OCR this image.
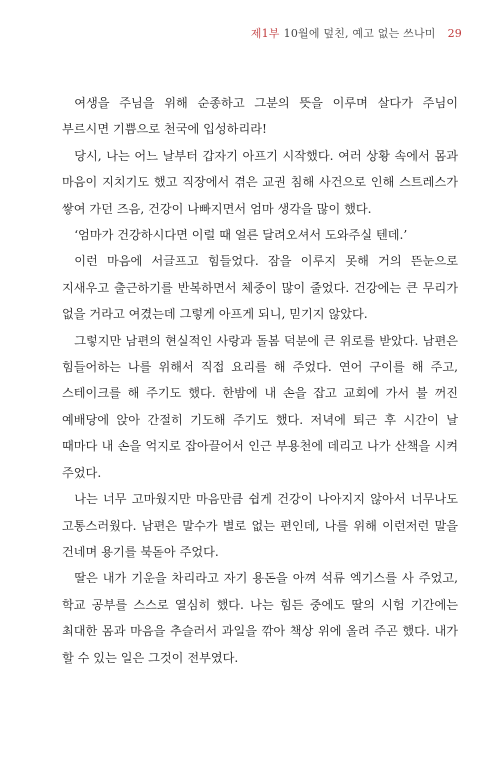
제1부 10월에 덮친, 예고 없는 쓰나미 29

여생을 주님을 위해 순종하고 그분의 뜻을 이루며 살다가 주님이 부르시면 기쁨으로 천국에 입성하리라!

당시, 나는 어느 날부터 갑자기 아프기 시작했다. 여러 상황 속에서 몸과 마음이 지치기도 했고 직장에서 겪은 교권 침해 사건으로 인해 스트레스가 쌓여 가던 즈음, 건강이 나빠지면서 엄마 생각을 많이 했다.

‘엄마가 건강하시다면 이럴 때 얼른 달려오셔서 도와주실 텐데.’

이런 마음에 서글프고 힘들었다. 잠을 이루지 못해 거의 뜬눈으로 지새우고 출근하기를 반복하면서 체중이 많이 줄었다. 건강에는 큰 무리가 없을 거라고 여겼는데 그렇게 아프게 되니, 믿기지 않았다.

그렇지만 남편의 현실적인 사랑과 돌봄 덕분에 큰 위로를 받았다. 남편은 힘들어하는 나를 위해서 직접 요리를 해 주었다. 연어 구이를 해 주고, 스테이크를 해 주기도 했다. 한밤에 내 손을 잡고 교회에 가서 불 꺼진 예배당에 앉아 간절히 기도해 주기도 했다. 저녁에 퇴근 후 시간이 날 때마다 내 손을 억지로 잡아끌어서 인근 부용천에 데리고 나가 산책을 시켜 주었다.

나는 너무 고마웠지만 마음만큼 쉽게 건강이 나아지지 않아서 너무나도 고통스러웠다. 남편은 말수가 별로 없는 편인데, 나를 위해 이런저런 말을 건네며 용기를 북돋아 주었다.

딸은 내가 기운을 차리라고 자기 용돈을 아껴 석류 엑기스를 사 주었고, 학교 공부를 스스로 열심히 했다. 나는 힘든 중에도 딸의 시험 기간에는 최대한 몸과 마음을 추슬러서 과일을 깎아 책상 위에 올려 주곤 했다. 내가 할 수 있는 일은 그것이 전부였다.
